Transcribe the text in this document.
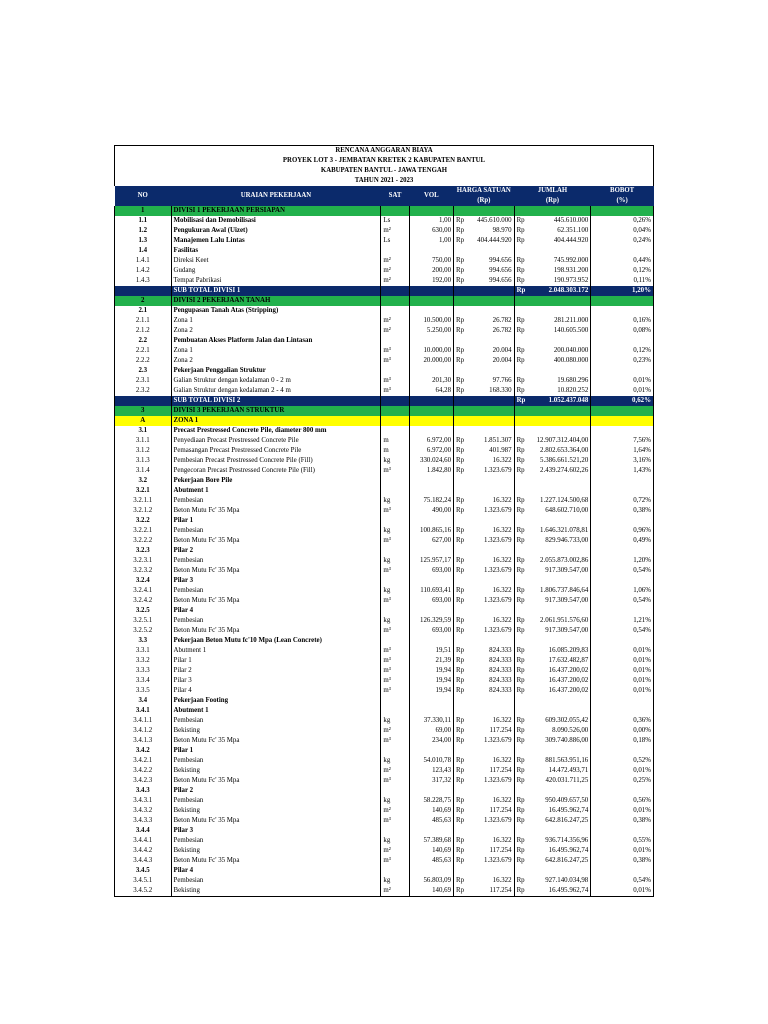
RENCANA ANGGARAN BIAYA								
PROYEK LOT 3 - JEMBATAN KRETEK 2 KABUPATEN BANTUL								
KABUPATEN BANTUL - JAWA TENGAH								
TAHUN 2021 - 2023								
NO	URAIAN PEKERJAAN	SAT	VOL	HARGA SATUAN		JUMLAH		BOBOT
				(Rp)		(Rp)		(%)
1	DIVISI 1 PEKERJAAN PERSIAPAN							
1.1	Mobilisasi dan Demobilisasi	Ls	1,00	Rp	445.610.000	Rp	445.610.000	0,26%
1.2	Pengukuran Awal (Uizet)	m²	630,00	Rp	98.970	Rp	62.351.100	0,04%
1.3	Manajemen Lalu Lintas	Ls	1,00	Rp	404.444.920	Rp	404.444.920	0,24%
1.4	Fasilitas							
1.4.1	Direksi Keet	m²	750,00	Rp	994.656	Rp	745.992.000	0,44%
1.4.2	Gudang	m²	200,00	Rp	994.656	Rp	198.931.200	0,12%
1.4.3	Tempat Pabrikasi	m²	192,00	Rp	994.656	Rp	190.973.952	0,11%
	SUB TOTAL DIVISI 1					Rp	2.048.303.172	1,20%
2	DIVISI 2 PEKERJAAN TANAH							
2.1	Pengupasan Tanah Atas (Stripping)							
2.1.1	Zona 1	m²	10.500,00	Rp	26.782	Rp	281.211.000	0,16%
2.1.2	Zona 2	m²	5.250,00	Rp	26.782	Rp	140.605.500	0,08%
2.2	Pembuatan Akses Platform Jalan dan Lintasan							
2.2.1	Zona 1	m³	10.000,00	Rp	20.004	Rp	200.040.000	0,12%
2.2.2	Zona 2	m³	20.000,00	Rp	20.004	Rp	400.080.000	0,23%
2.3	Pekerjaan Penggalian Struktur							
2.3.1	Galian Struktur dengan kedalaman 0 - 2 m	m³	201,30	Rp	97.766	Rp	19.680.296	0,01%
2.3.2	Galian Struktur dengan kedalaman 2 - 4 m	m³	64,28	Rp	168.330	Rp	10.820.252	0,01%
	SUB TOTAL DIVISI 2					Rp	1.052.437.048	0,62%
3	DIVISI 3 PEKERJAAN STRUKTUR							
A	ZONA 1							
3.1	Precast Prestressed Concrete Pile, diameter 800 mm							
3.1.1	Penyediaan Precast Prestressed Concrete Pile	m	6.972,00	Rp	1.851.307	Rp	12.907.312.404,00	7,56%
3.1.2	Pemasangan Precast Prestressed Concrete Pile	m	6.972,00	Rp	401.987	Rp	2.802.653.364,00	1,64%
3.1.3	Pembesian Precast Prestressed Concrete Pile (Fill)	kg	330.024,60	Rp	16.322	Rp	5.386.661.521,20	3,16%
3.1.4	Pengecoran Precast Prestressed Concrete Pile (Fill)	m³	1.842,80	Rp	1.323.679	Rp	2.439.274.602,26	1,43%
3.2	Pekerjaan Bore Pile							
3.2.1	Abutment 1							
3.2.1.1	Pembesian	kg	75.182,24	Rp	16.322	Rp	1.227.124.500,68	0,72%
3.2.1.2	Beton Mutu Fc' 35 Mpa	m³	490,00	Rp	1.323.679	Rp	648.602.710,00	0,38%
3.2.2	Pilar 1							
3.2.2.1	Pembesian	kg	100.865,16	Rp	16.322	Rp	1.646.321.078,81	0,96%
3.2.2.2	Beton Mutu Fc' 35 Mpa	m³	627,00	Rp	1.323.679	Rp	829.946.733,00	0,49%
3.2.3	Pilar 2							
3.2.3.1	Pembesian	kg	125.957,17	Rp	16.322	Rp	2.055.873.002,86	1,20%
3.2.3.2	Beton Mutu Fc' 35 Mpa	m³	693,00	Rp	1.323.679	Rp	917.309.547,00	0,54%
3.2.4	Pilar 3							
3.2.4.1	Pembesian	kg	110.693,41	Rp	16.322	Rp	1.806.737.846,64	1,06%
3.2.4.2	Beton Mutu Fc' 35 Mpa	m³	693,00	Rp	1.323.679	Rp	917.309.547,00	0,54%
3.2.5	Pilar 4							
3.2.5.1	Pembesian	kg	126.329,59	Rp	16.322	Rp	2.061.951.576,60	1,21%
3.2.5.2	Beton Mutu Fc' 35 Mpa	m³	693,00	Rp	1.323.679	Rp	917.309.547,00	0,54%
3.3	Pekerjaan Beton Mutu fc'10 Mpa (Lean Concrete)							
3.3.1	Abutment 1	m³	19,51	Rp	824.333	Rp	16.085.209,83	0,01%
3.3.2	Pilar 1	m³	21,39	Rp	824.333	Rp	17.632.482,87	0,01%
3.3.3	Pilar 2	m³	19,94	Rp	824.333	Rp	16.437.200,02	0,01%
3.3.4	Pilar 3	m³	19,94	Rp	824.333	Rp	16.437.200,02	0,01%
3.3.5	Pilar 4	m³	19,94	Rp	824.333	Rp	16.437.200,02	0,01%
3.4	Pekerjaan Footing							
3.4.1	Abutment 1							
3.4.1.1	Pembesian	kg	37.330,11	Rp	16.322	Rp	609.302.055,42	0,36%
3.4.1.2	Bekisting	m²	69,00	Rp	117.254	Rp	8.090.526,00	0,00%
3.4.1.3	Beton Mutu Fc' 35 Mpa	m³	234,00	Rp	1.323.679	Rp	309.740.886,00	0,18%
3.4.2	Pilar 1							
3.4.2.1	Pembesian	kg	54.010,78	Rp	16.322	Rp	881.563.951,16	0,52%
3.4.2.2	Bekisting	m²	123,43	Rp	117.254	Rp	14.472.493,71	0,01%
3.4.2.3	Beton Mutu Fc' 35 Mpa	m³	317,32	Rp	1.323.679	Rp	420.031.711,25	0,25%
3.4.3	Pilar 2							
3.4.3.1	Pembesian	kg	58.228,75	Rp	16.322	Rp	950.409.657,50	0,56%
3.4.3.2	Bekisting	m²	140,69	Rp	117.254	Rp	16.495.962,74	0,01%
3.4.3.3	Beton Mutu Fc' 35 Mpa	m³	485,63	Rp	1.323.679	Rp	642.816.247,25	0,38%
3.4.4	Pilar 3							
3.4.4.1	Pembesian	kg	57.389,68	Rp	16.322	Rp	936.714.356,96	0,55%
3.4.4.2	Bekisting	m²	140,69	Rp	117.254	Rp	16.495.962,74	0,01%
3.4.4.3	Beton Mutu Fc' 35 Mpa	m³	485,63	Rp	1.323.679	Rp	642.816.247,25	0,38%
3.4.5	Pilar 4							
3.4.5.1	Pembesian	kg	56.803,09	Rp	16.322	Rp	927.140.034,98	0,54%
3.4.5.2	Bekisting	m²	140,69	Rp	117.254	Rp	16.495.962,74	0,01%
